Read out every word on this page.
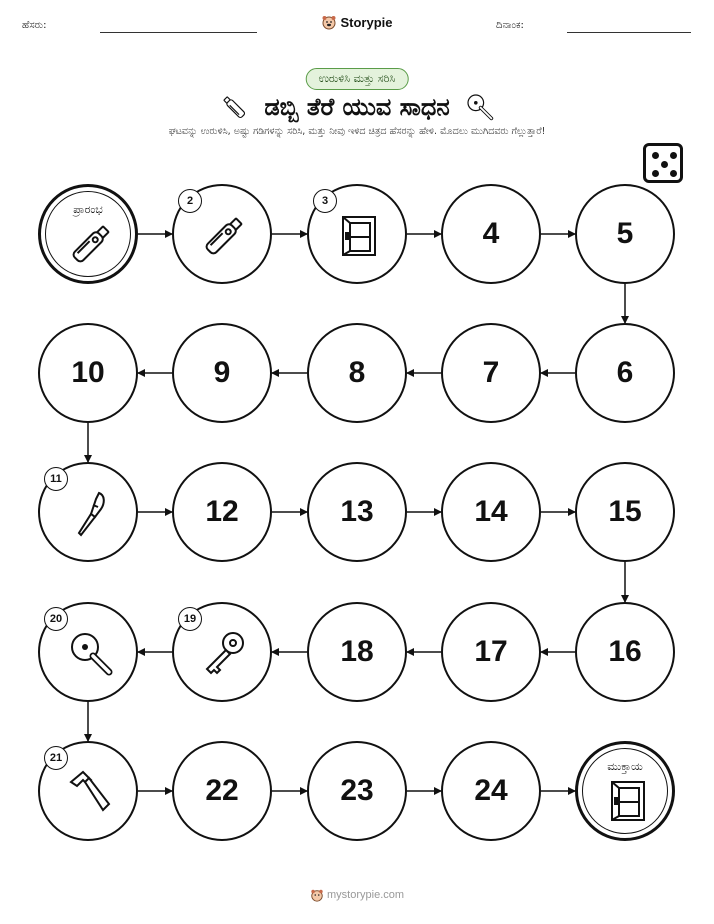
ಹೆಸರು:	Storypie	ದಿನಾಂಕ:
ಉರುಳಿಸಿ ಮತ್ತು ಸರಿಸಿ
ಡಬ್ಬಿ ತೆರೆ ಯುವ ಸಾಧನ
ಘಟವನ್ನು ಉರುಳಿಸಿ, ಅಷ್ಟು ಗಡಿಗಳನ್ನು ಸರಿಸಿ, ಮತ್ತು ನೀವು ಇಳಿದ ಚಿತ್ರದ ಹೆಸರನ್ನು ಹೇಳಿ. ಮೊದಲು ಮುಗಿದವರು ಗೆಲ್ಲುತ್ತಾರೆ!
ಪ್ರಾರಂಭ
2	3
4	5
6
7
8
9
10
11
12	13	14	15
16
17
18
19
20
21
22	23	24
ಮುಕ್ತಾಯ
mystorypie.com
